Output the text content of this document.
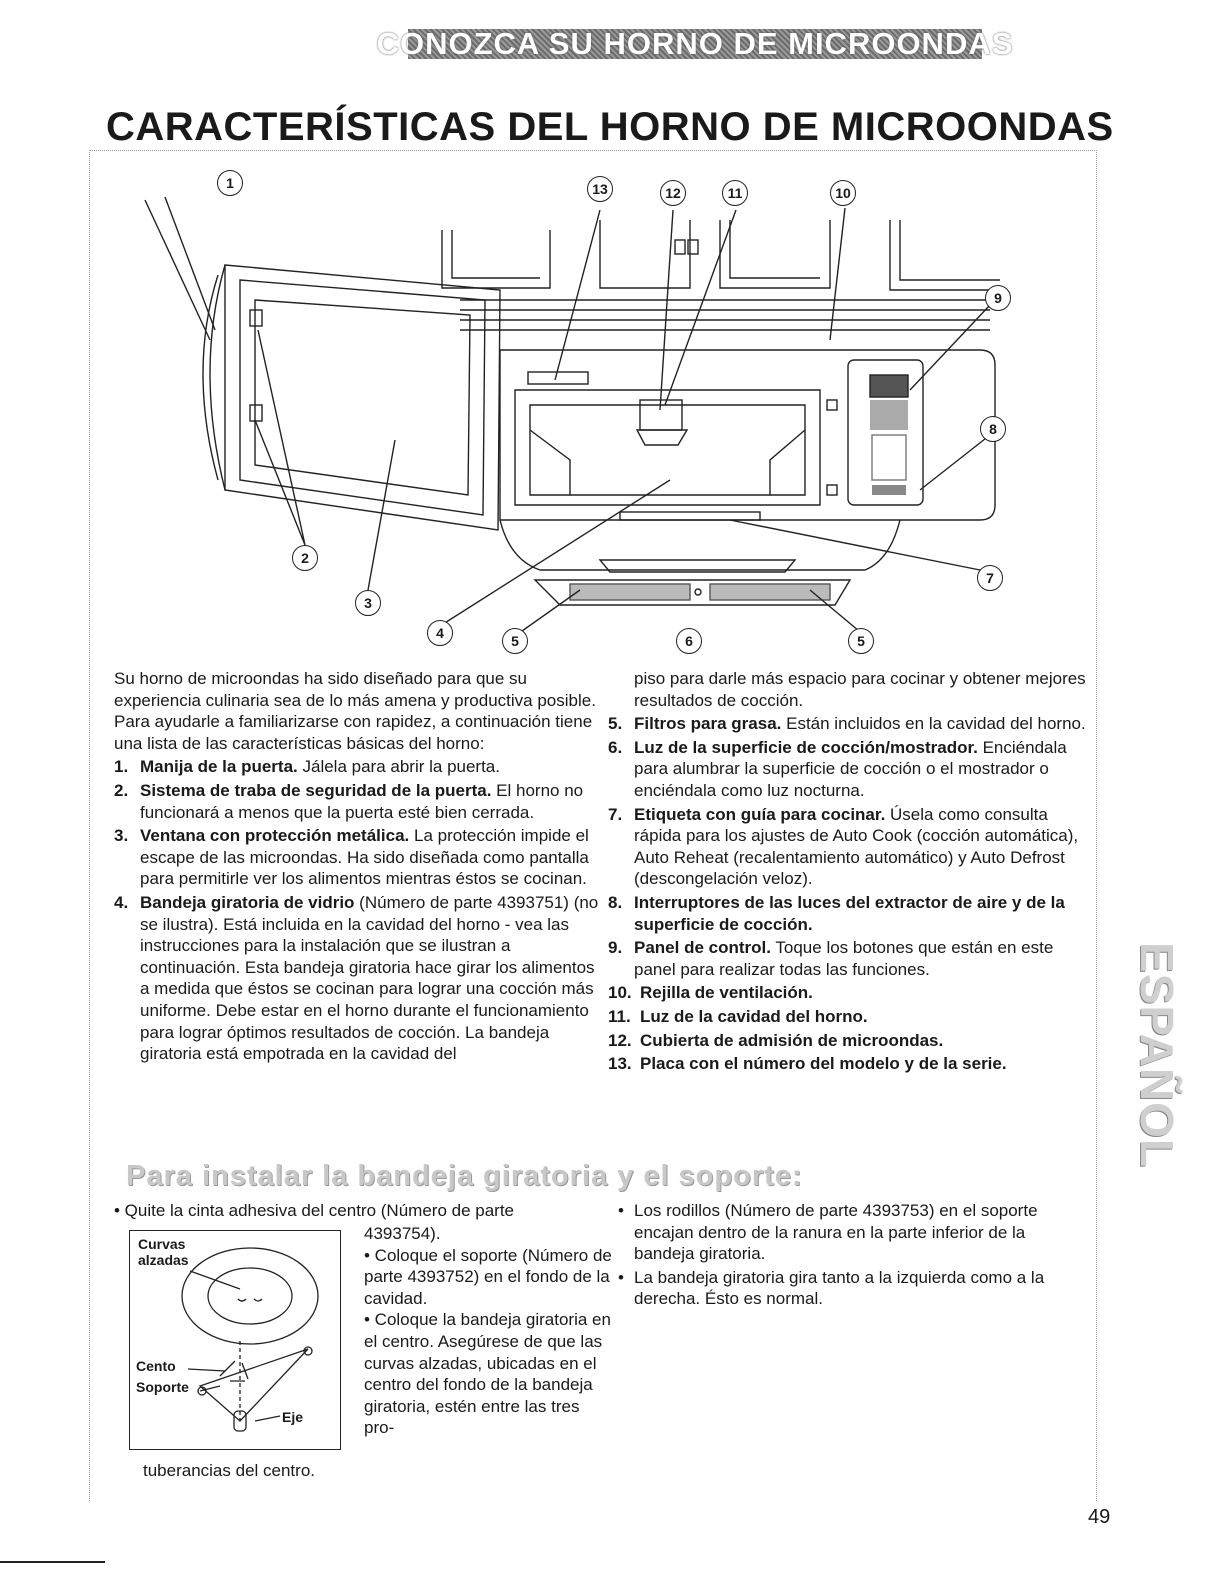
CONOZCA SU HORNO DE MICROONDAS
CARACTERÍSTICAS DEL HORNO DE MICROONDAS
1
2
3
4	5	6	5
7
8
9
10
11
12
13

Su horno de microondas ha sido diseñado para que su experiencia culinaria sea de lo más amena y productiva posible. Para ayudarle a familiarizarse con rapidez, a continuación tiene una lista de las características básicas del horno:

1. Manija de la puerta. Jálela para abrir la puerta.
2. Sistema de traba de seguridad de la puerta. El horno no funcionará a menos que la puerta esté bien cerrada.
3. Ventana con protección metálica. La protección impide el escape de las microondas. Ha sido diseñada como pantalla para permitirle ver los alimentos mientras éstos se cocinan.
4. Bandeja giratoria de vidrio (Número de parte 4393751) (no se ilustra). Está incluida en la cavidad del horno - vea las instrucciones para la instalación que se ilustran a continuación. Esta bandeja giratoria hace girar los alimentos a medida que éstos se cocinan para lograr una cocción más uniforme. Debe estar en el horno durante el funcionamiento para lograr óptimos resultados de cocción. La bandeja giratoria está empotrada en la cavidad del
piso para darle más espacio para cocinar y obtener mejores resultados de cocción.
5. Filtros para grasa. Están incluidos en la cavidad del horno.
6. Luz de la superficie de cocción/mostrador. Enciéndala para alumbrar la superficie de cocción o el mostrador o enciéndala como luz nocturna.
7. Etiqueta con guía para cocinar. Úsela como consulta rápida para los ajustes de Auto Cook (cocción automática), Auto Reheat (recalentamiento automático) y Auto Defrost (descongelación veloz).
8. Interruptores de las luces del extractor de aire y de la superficie de cocción.
9. Panel de control. Toque los botones que están en este panel para realizar todas las funciones.
10. Rejilla de ventilación.
11. Luz de la cavidad del horno.
12. Cubierta de admisión de microondas.
13. Placa con el número del modelo y de la serie.
Para instalar la bandeja giratoria y el soporte:
• Quite la cinta adhesiva del centro (Número de parte
Curvas
alzadas
Cento
Soporte
Eje
4393754).
• Coloque el soporte (Número de parte 4393752) en el fondo de la cavidad.
• Coloque la bandeja giratoria en el centro. Asegúrese de que las curvas alzadas, ubicadas en el centro del fondo de la bandeja giratoria, estén entre las tres pro-
tuberancias del centro.
• Los rodillos (Número de parte 4393753) en el soporte encajan dentro de la ranura en la parte inferior de la bandeja giratoria.
• La bandeja giratoria gira tanto a la izquierda como a la derecha. Ésto es normal.
ESPAÑOL
49
